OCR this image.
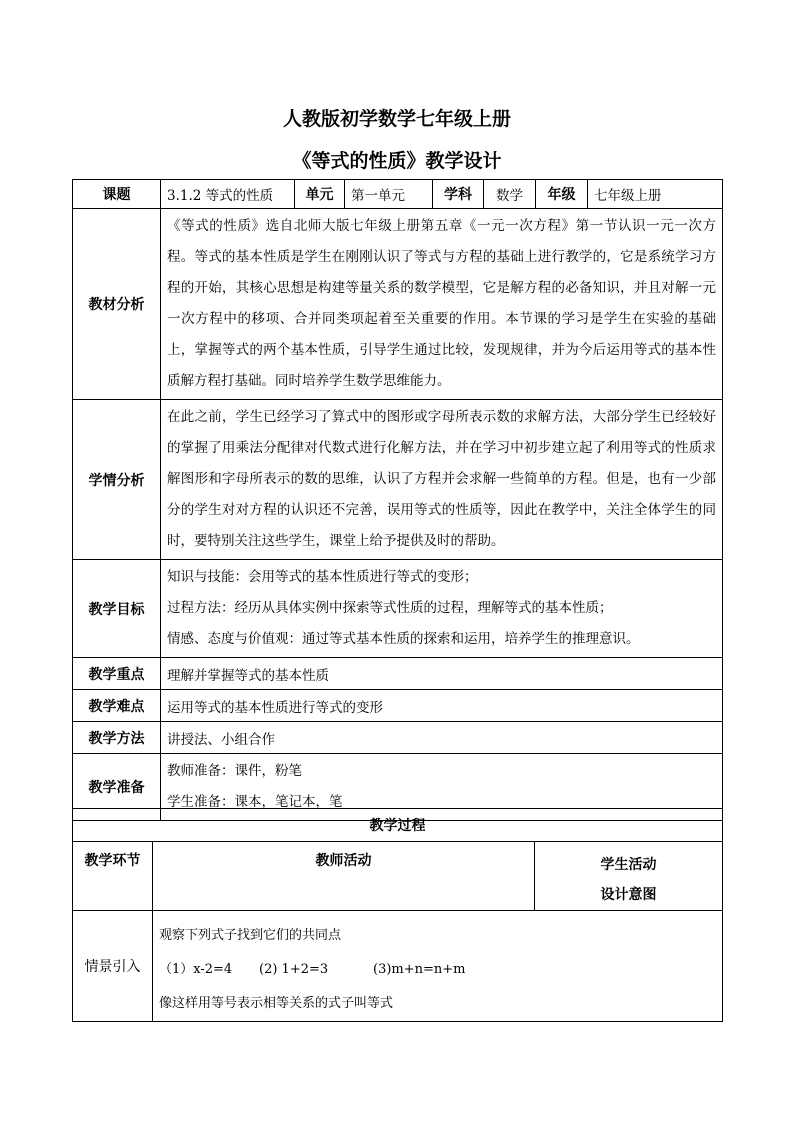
人教版初学数学七年级上册
《等式的性质》教学设计
课题	3.1.2 等式的性质	单元	第一单元	学科	数学	年级	七年级上册
教材分析	《等式的性质》选自北师大版七年级上册第五章《一元一次方程》第一节认识一元一次方程。等式的基本性质是学生在刚刚认识了等式与方程的基础上进行教学的，它是系统学习方程的开始，其核心思想是构建等量关系的数学模型，它是解方程的必备知识，并且对解一元一次方程中的移项、合并同类项起着至关重要的作用。本节课的学习是学生在实验的基础上，掌握等式的两个基本性质，引导学生通过比较，发现规律，并为今后运用等式的基本性质解方程打基础。同时培养学生数学思维能力。						
学情分析	在此之前，学生已经学习了算式中的图形或字母所表示数的求解方法，大部分学生已经较好的掌握了用乘法分配律对代数式进行化解方法，并在学习中初步建立起了利用等式的性质求解图形和字母所表示的数的思维，认识了方程并会求解一些简单的方程。但是，也有一少部分的学生对对方程的认识还不完善，误用等式的性质等，因此在教学中，关注全体学生的同时，要特别关注这些学生，课堂上给予提供及时的帮助。						
教学目标	知识与技能：会用等式的基本性质进行等式的变形；

过程方法：经历从具体实例中探索等式性质的过程，理解等式的基本性质；

情感、态度与价值观：通过等式基本性质的探索和运用，培养学生的推理意识。						

教学重点	理解并掌握等式的基本性质						
教学难点	运用等式的基本性质进行等式的变形						
教学方法	讲授法、小组合作						
教学准备	教师准备：课件，粉笔

学生准备：课本，笔记本，笔						

教学过程		
教学环节	教师活动	学生活动
设计意图

情景引入	观察下列式子找到它们的共同点
（1）x-2=4 (2) 1+2=3 (3)m+n=n+m
像这样用等号表示相等关系的式子叫等式	
